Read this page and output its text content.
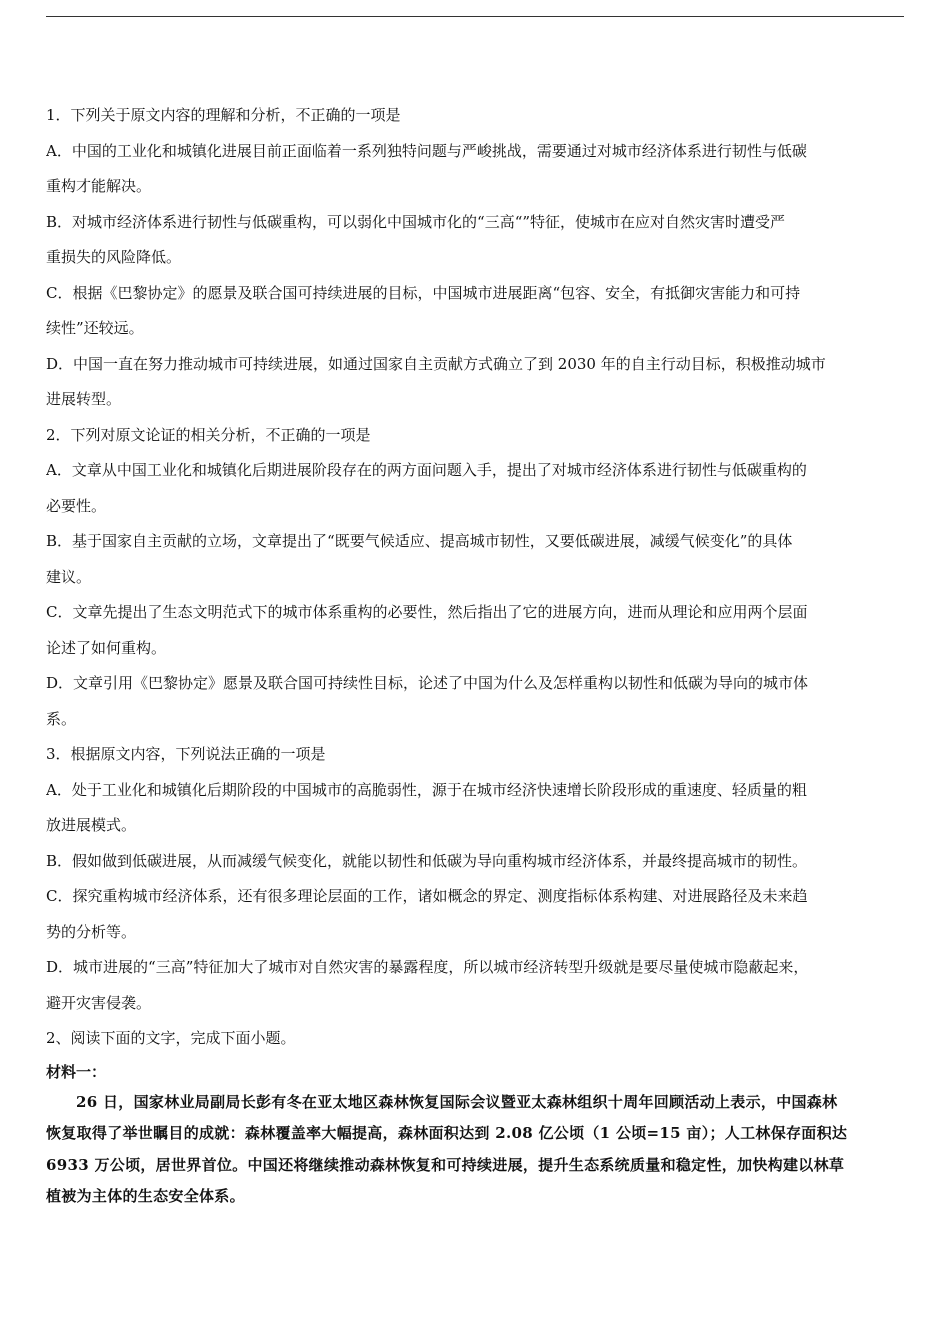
1．下列关于原文内容的理解和分析，不正确的一项是
A．中国的工业化和城镇化进展目前正面临着一系列独特问题与严峻挑战，需要通过对城市经济体系进行韧性与低碳
重构才能解决。
B．对城市经济体系进行韧性与低碳重构，可以弱化中国城市化的“三高“”特征，使城市在应对自然灾害时遭受严
重损失的风险降低。
C．根据《巴黎协定》的愿景及联合国可持续进展的目标，中国城市进展距离“包容、安全，有抵御灾害能力和可持
续性”还较远。
D．中国一直在努力推动城市可持续进展，如通过国家自主贡献方式确立了到 2030 年的自主行动目标，积极推动城市
进展转型。
2．下列对原文论证的相关分析，不正确的一项是
A．文章从中国工业化和城镇化后期进展阶段存在的两方面问题入手，提出了对城市经济体系进行韧性与低碳重构的
必要性。
B．基于国家自主贡献的立场，文章提出了“既要气候适应、提高城市韧性，又要低碳进展，减缓气候变化”的具体
建议。
C．文章先提出了生态文明范式下的城市体系重构的必要性，然后指出了它的进展方向，进而从理论和应用两个层面
论述了如何重构。
D．文章引用《巴黎协定》愿景及联合国可持续性目标，论述了中国为什么及怎样重构以韧性和低碳为导向的城市体
系。
3．根据原文内容，下列说法正确的一项是
A．处于工业化和城镇化后期阶段的中国城市的高脆弱性，源于在城市经济快速增长阶段形成的重速度、轻质量的粗
放进展模式。
B．假如做到低碳进展，从而减缓气候变化，就能以韧性和低碳为导向重构城市经济体系，并最终提高城市的韧性。
C．探究重构城市经济体系，还有很多理论层面的工作，诸如概念的界定、测度指标体系构建、对进展路径及未来趋
势的分析等。
D．城市进展的“三高”特征加大了城市对自然灾害的暴露程度，所以城市经济转型升级就是要尽量使城市隐蔽起来，
避开灾害侵袭。
2、阅读下面的文字，完成下面小题。
材料一：
26 日，国家林业局副局长彭有冬在亚太地区森林恢复国际会议暨亚太森林组织十周年回顾活动上表示，中国森林
恢复取得了举世瞩目的成就：森林覆盖率大幅提高，森林面积达到 2.08 亿公顷（1 公顷=15 亩）；人工林保存面积达
6933 万公顷，居世界首位。中国还将继续推动森林恢复和可持续进展，提升生态系统质量和稳定性，加快构建以林草
植被为主体的生态安全体系。
